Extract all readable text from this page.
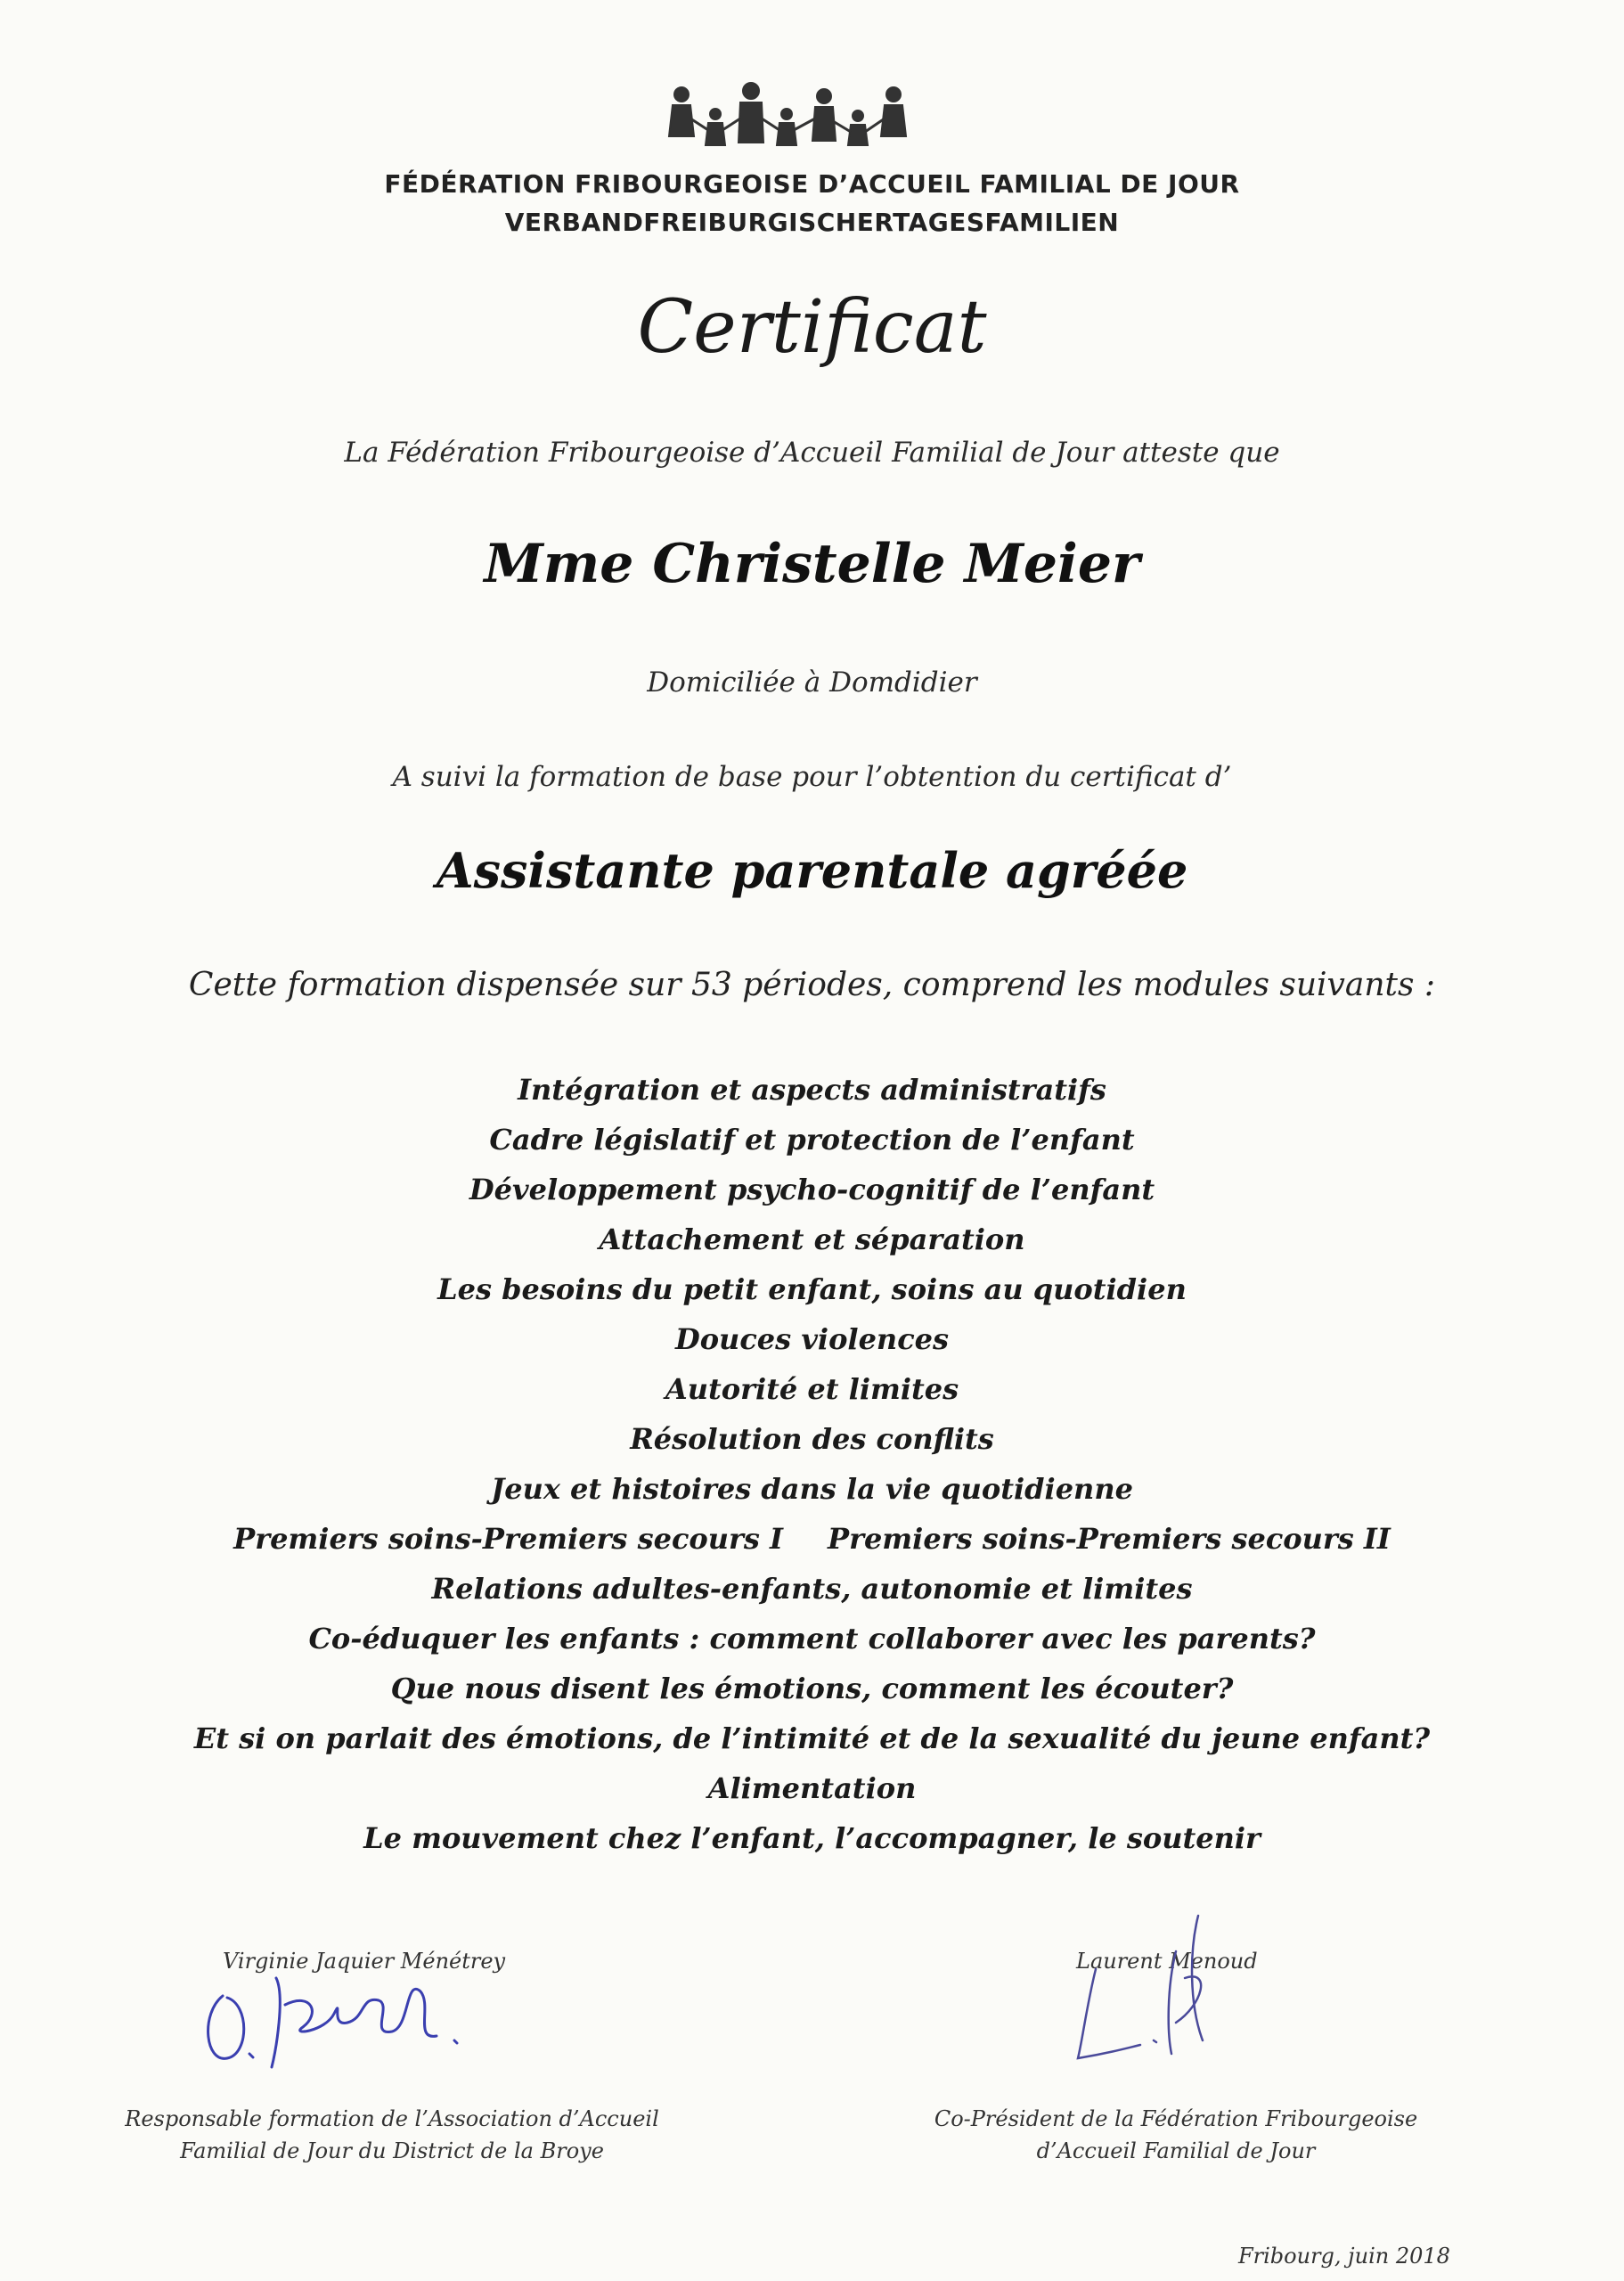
FÉDÉRATION FRIBOURGEOISE D’ACCUEIL FAMILIAL DE JOUR
VERBANDFREIBURGISCHERTAGESFAMILIEN
Certificat
La Fédération Fribourgeoise d’Accueil Familial de Jour atteste que
Mme Christelle Meier
Domiciliée à Domdidier
A suivi la formation de base pour l’obtention du certificat d’
Assistante parentale agréée
Cette formation dispensée sur 53 périodes, comprend les modules suivants :
Intégration et aspects administratifs
Cadre législatif et protection de l’enfant
Développement psycho-cognitif de l’enfant
Attachement et séparation
Les besoins du petit enfant, soins au quotidien
Douces violences
Autorité et limites
Résolution des conflits
Jeux et histoires dans la vie quotidienne
Premiers soins-Premiers secours I Premiers soins-Premiers secours II
Relations adultes-enfants, autonomie et limites
Co-éduquer les enfants : comment collaborer avec les parents?
Que nous disent les émotions, comment les écouter?
Et si on parlait des émotions, de l’intimité et de la sexualité du jeune enfant?
Alimentation
Le mouvement chez l’enfant, l’accompagner, le soutenir
Virginie Jaquier Ménétrey
Responsable formation de l’Association d’Accueil
Familial de Jour du District de la Broye
Laurent Menoud
Co-Président de la Fédération Fribourgeoise
d’Accueil Familial de Jour
Fribourg, juin 2018
